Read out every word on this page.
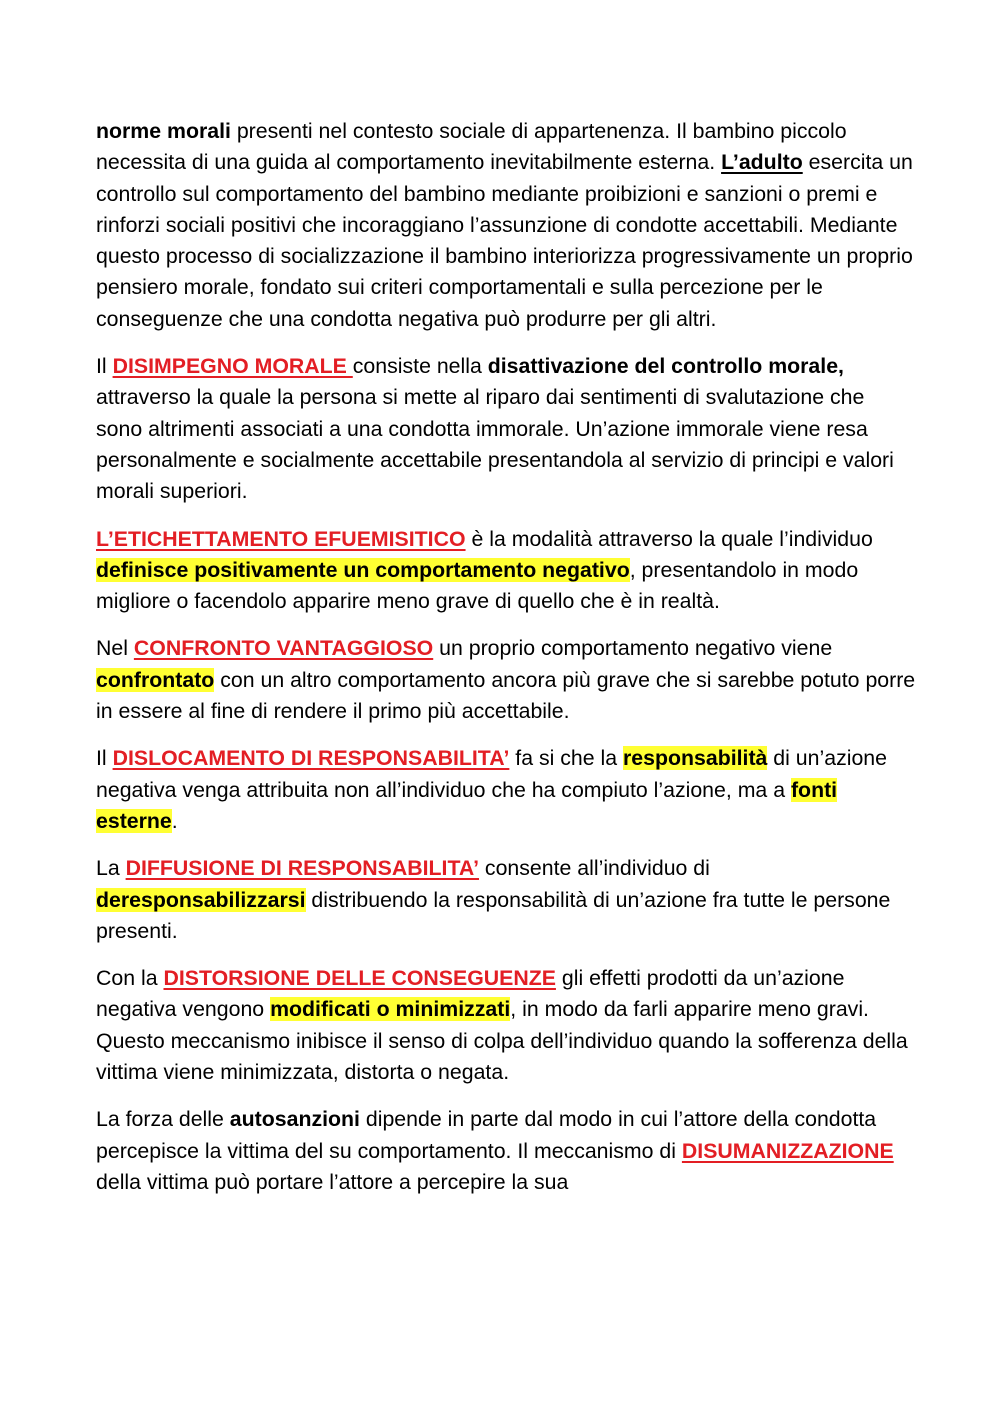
norme morali presenti nel contesto sociale di appartenenza. Il bambino piccolo necessita di una guida al comportamento inevitabilmente esterna. L’adulto esercita un controllo sul comportamento del bambino mediante proibizioni e sanzioni o premi e rinforzi sociali positivi che incoraggiano l’assunzione di condotte accettabili. Mediante questo processo di socializzazione il bambino interiorizza progressivamente un proprio pensiero morale, fondato sui criteri comportamentali e sulla percezione per le conseguenze che una condotta negativa può produrre per gli altri.

Il DISIMPEGNO MORALE consiste nella disattivazione del controllo morale, attraverso la quale la persona si mette al riparo dai sentimenti di svalutazione che sono altrimenti associati a una condotta immorale. Un’azione immorale viene resa personalmente e socialmente accettabile presentandola al servizio di principi e valori morali superiori.

L’ETICHETTAMENTO EFUEMISITICO è la modalità attraverso la quale l’individuo definisce positivamente un comportamento negativo, presentandolo in modo migliore o facendolo apparire meno grave di quello che è in realtà.

Nel CONFRONTO VANTAGGIOSO un proprio comportamento negativo viene confrontato con un altro comportamento ancora più grave che si sarebbe potuto porre in essere al fine di rendere il primo più accettabile.

Il DISLOCAMENTO DI RESPONSABILITA’ fa si che la responsabilità di un’azione negativa venga attribuita non all’individuo che ha compiuto l’azione, ma a fonti esterne.

La DIFFUSIONE DI RESPONSABILITA’ consente all’individuo di deresponsabilizzarsi distribuendo la responsabilità di un’azione fra tutte le persone presenti.

Con la DISTORSIONE DELLE CONSEGUENZE gli effetti prodotti da un’azione negativa vengono modificati o minimizzati, in modo da farli apparire meno gravi. Questo meccanismo inibisce il senso di colpa dell’individuo quando la sofferenza della vittima viene minimizzata, distorta o negata.

La forza delle autosanzioni dipende in parte dal modo in cui l’attore della condotta percepisce la vittima del su comportamento. Il meccanismo di DISUMANIZZAZIONE della vittima può portare l’attore a percepire la sua
